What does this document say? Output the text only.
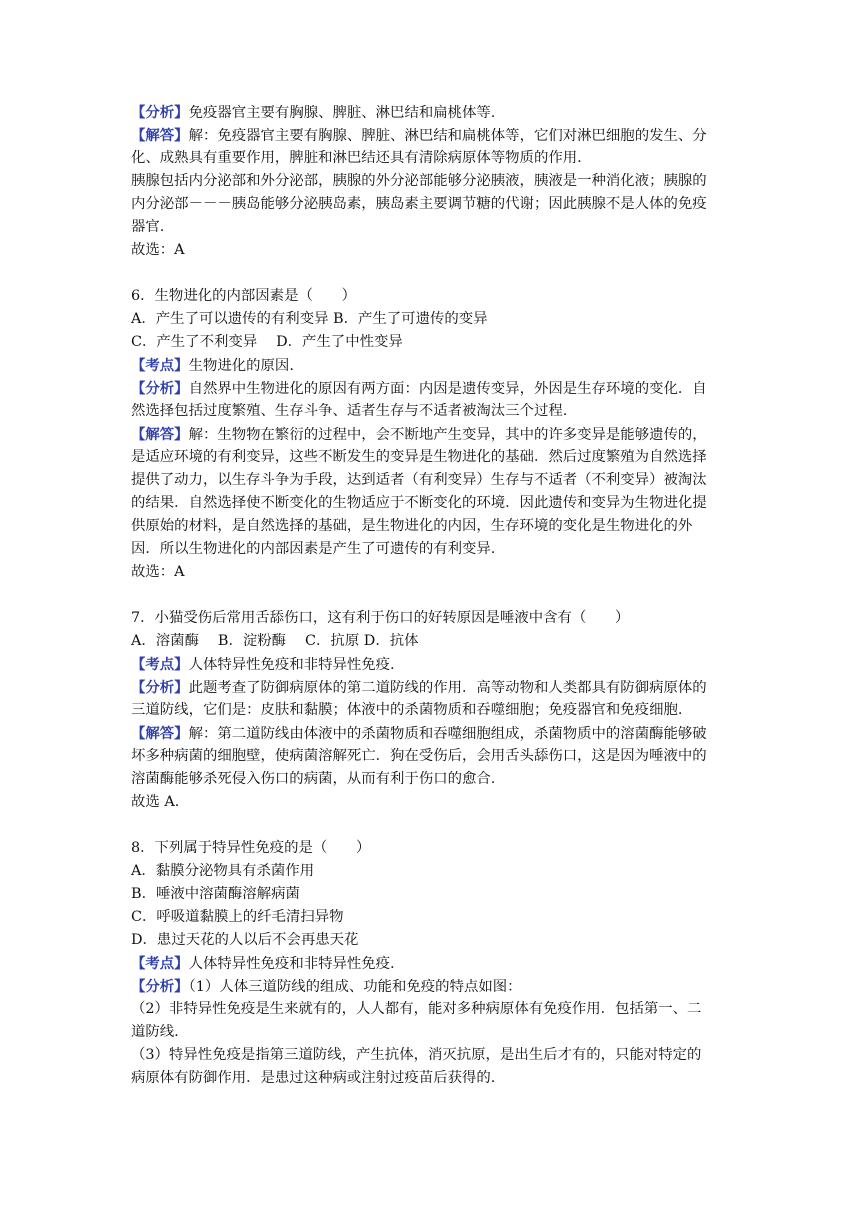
【分析】免疫器官主要有胸腺、脾脏、淋巴结和扁桃体等.
【解答】解：免疫器官主要有胸腺、脾脏、淋巴结和扁桃体等，它们对淋巴细胞的发生、分
化、成熟具有重要作用，脾脏和淋巴结还具有清除病原体等物质的作用.
胰腺包括内分泌部和外分泌部，胰腺的外分泌部能够分泌胰液，胰液是一种消化液；胰腺的
内分泌部－－－胰岛能够分泌胰岛素，胰岛素主要调节糖的代谢；因此胰腺不是人体的免疫
器官.
故选：A
6．生物进化的内部因素是（　　）
A．产生了可以遗传的有利变异 B．产生了可遗传的变异
C．产生了不利变异　 D．产生了中性变异
【考点】生物进化的原因.
【分析】自然界中生物进化的原因有两方面：内因是遗传变异，外因是生存环境的变化．自
然选择包括过度繁殖、生存斗争、适者生存与不适者被淘汰三个过程.
【解答】解：生物物在繁衍的过程中，会不断地产生变异，其中的许多变异是能够遗传的，
是适应环境的有利变异，这些不断发生的变异是生物进化的基础．然后过度繁殖为自然选择
提供了动力，以生存斗争为手段，达到适者（有利变异）生存与不适者（不利变异）被淘汰
的结果．自然选择使不断变化的生物适应于不断变化的环境．因此遗传和变异为生物进化提
供原始的材料，是自然选择的基础，是生物进化的内因，生存环境的变化是生物进化的外
因．所以生物进化的内部因素是产生了可遗传的有利变异.
故选：A
7．小猫受伤后常用舌舔伤口，这有利于伤口的好转原因是唾液中含有（　　）
A．溶菌酶　 B．淀粉酶　 C．抗原 D．抗体
【考点】人体特异性免疫和非特异性免疫.
【分析】此题考查了防御病原体的第二道防线的作用．高等动物和人类都具有防御病原体的
三道防线，它们是：皮肤和黏膜；体液中的杀菌物质和吞噬细胞；免疫器官和免疫细胞.
【解答】解：第二道防线由体液中的杀菌物质和吞噬细胞组成，杀菌物质中的溶菌酶能够破
坏多种病菌的细胞壁，使病菌溶解死亡．狗在受伤后，会用舌头舔伤口，这是因为唾液中的
溶菌酶能够杀死侵入伤口的病菌，从而有利于伤口的愈合.
故选 A.
8．下列属于特异性免疫的是（　　）
A．黏膜分泌物具有杀菌作用
B．唾液中溶菌酶溶解病菌
C．呼吸道黏膜上的纤毛清扫异物
D．患过天花的人以后不会再患天花
【考点】人体特异性免疫和非特异性免疫.
【分析】（1）人体三道防线的组成、功能和免疫的特点如图：
（2）非特异性免疫是生来就有的，人人都有，能对多种病原体有免疫作用．包括第一、二
道防线.
（3）特异性免疫是指第三道防线，产生抗体，消灭抗原，是出生后才有的，只能对特定的
病原体有防御作用．是患过这种病或注射过疫苗后获得的.
